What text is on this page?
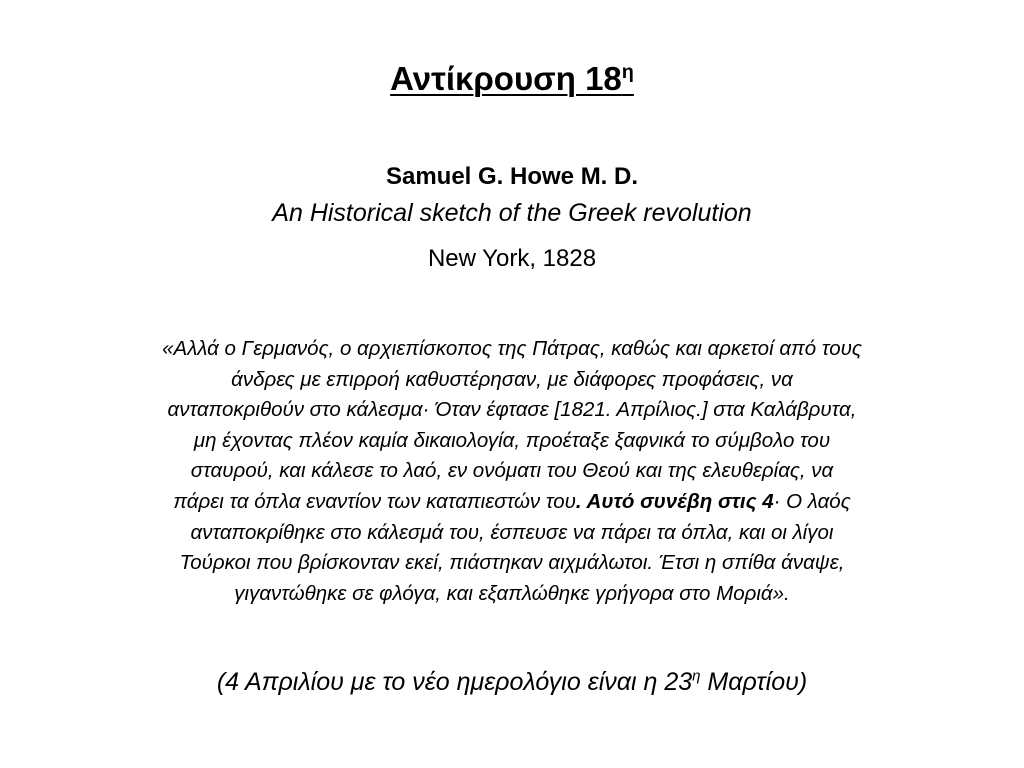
Αντίκρουση $18^\eta$
Samuel G. Howe M. D.
An Historical sketch of the Greek revolution
New York, 1828

«Αλλά ο Γερμανός, ο αρχιεπίσκοπος της Πάτρας, καθώς και αρκετοί από τους
άνδρες με επιρροή καθυστέρησαν, με διάφορες προφάσεις, να
ανταποκριθούν στο κάλεσμα· Όταν έφτασε [1821. Απρίλιος.] στα Καλάβρυτα,
μη έχοντας πλέον καμία δικαιολογία, προέταξε ξαφνικά το σύμβολο του
σταυρού, και κάλεσε το λαό, εν ονόματι του Θεού και της ελευθερίας, να
πάρει τα όπλα εναντίον των καταπιεστών του. Αυτό συνέβη στις 4· Ο λαός
ανταποκρίθηκε στο κάλεσμά του, έσπευσε να πάρει τα όπλα, και οι λίγοι
Τούρκοι που βρίσκονταν εκεί, πιάστηκαν αιχμάλωτοι. Έτσι η σπίθα άναψε,
γιγαντώθηκε σε φλόγα, και εξαπλώθηκε γρήγορα στο Μοριά».

(4 Απριλίου με το νέο ημερολόγιο είναι η $23^\eta$ Μαρτίου)
